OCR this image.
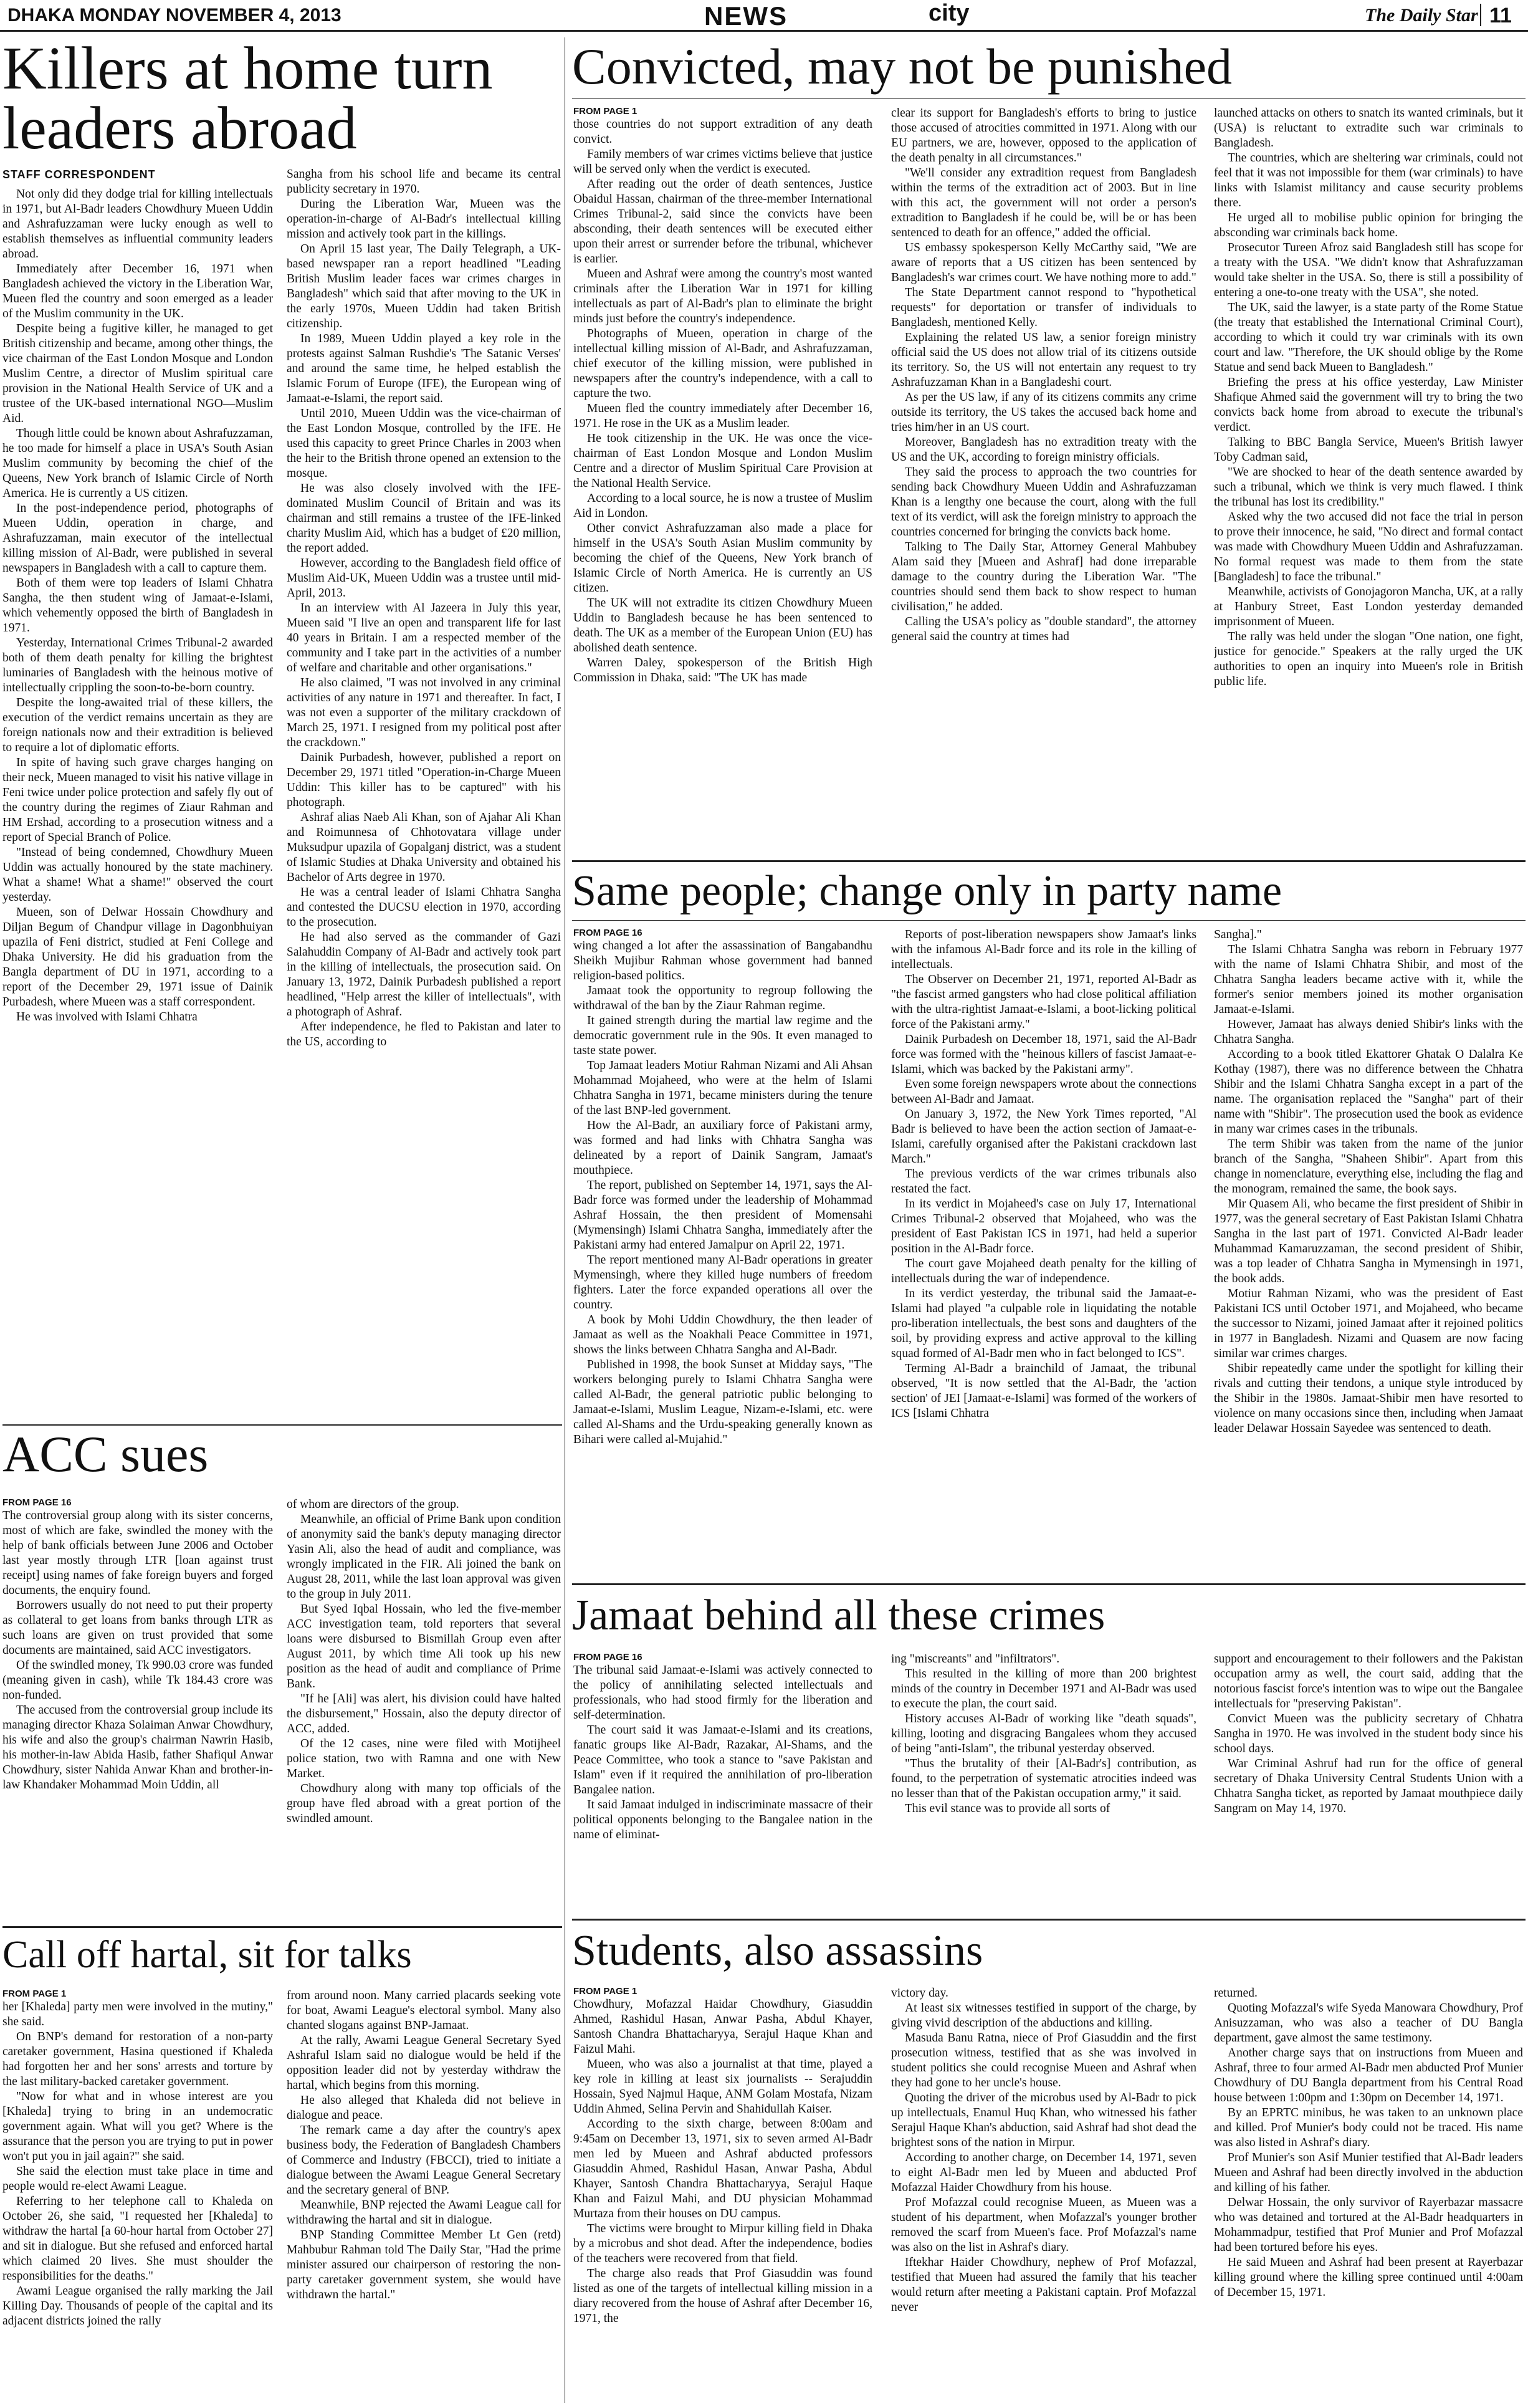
DHAKA MONDAY NOVEMBER 4, 2013	NEWS	city	The Daily Star 11
Killers at home turn leaders abroad
STAFF CORRESPONDENT

Not only did they dodge trial for killing intellectuals in 1971, but Al-Badr leaders Chowdhury Mueen Uddin and Ashrafuzzaman were lucky enough as well to establish themselves as influential community leaders abroad.

Immediately after December 16, 1971 when Bangladesh achieved the victory in the Liberation War, Mueen fled the country and soon emerged as a leader of the Muslim community in the UK.

Despite being a fugitive killer, he managed to get British citizenship and became, among other things, the vice chairman of the East London Mosque and London Muslim Centre, a director of Muslim spiritual care provision in the National Health Service of UK and a trustee of the UK-based international NGO—Muslim Aid.

Though little could be known about Ashrafuzzaman, he too made for himself a place in USA's South Asian Muslim community by becoming the chief of the Queens, New York branch of Islamic Circle of North America. He is currently a US citizen.

In the post-independence period, photographs of Mueen Uddin, operation in charge, and Ashrafuzzaman, main executor of the intellectual killing mission of Al-Badr, were published in several newspapers in Bangladesh with a call to capture them.

Both of them were top leaders of Islami Chhatra Sangha, the then student wing of Jamaat-e-Islami, which vehemently opposed the birth of Bangladesh in 1971.

Yesterday, International Crimes Tribunal-2 awarded both of them death penalty for killing the brightest luminaries of Bangladesh with the heinous motive of intellectually crippling the soon-to-be-born country.

Despite the long-awaited trial of these killers, the execution of the verdict remains uncertain as they are foreign nationals now and their extradition is believed to require a lot of diplomatic efforts.

In spite of having such grave charges hanging on their neck, Mueen managed to visit his native village in Feni twice under police protection and safely fly out of the country during the regimes of Ziaur Rahman and HM Ershad, according to a prosecution witness and a report of Special Branch of Police.

"Instead of being condemned, Chowdhury Mueen Uddin was actually honoured by the state machinery. What a shame! What a shame!" observed the court yesterday.

Mueen, son of Delwar Hossain Chowdhury and Diljan Begum of Chandpur village in Dagonbhuiyan upazila of Feni district, studied at Feni College and Dhaka University. He did his graduation from the Bangla department of DU in 1971, according to a report of the December 29, 1971 issue of Dainik Purbadesh, where Mueen was a staff correspondent.

He was involved with Islami Chhatra

Sangha from his school life and became its central publicity secretary in 1970.

During the Liberation War, Mueen was the operation-in-charge of Al-Badr's intellectual killing mission and actively took part in the killings.

On April 15 last year, The Daily Telegraph, a UK-based newspaper ran a report headlined "Leading British Muslim leader faces war crimes charges in Bangladesh" which said that after moving to the UK in the early 1970s, Mueen Uddin had taken British citizenship.

In 1989, Mueen Uddin played a key role in the protests against Salman Rushdie's 'The Satanic Verses' and around the same time, he helped establish the Islamic Forum of Europe (IFE), the European wing of Jamaat-e-Islami, the report said.

Until 2010, Mueen Uddin was the vice-chairman of the East London Mosque, controlled by the IFE. He used this capacity to greet Prince Charles in 2003 when the heir to the British throne opened an extension to the mosque.

He was also closely involved with the IFE-dominated Muslim Council of Britain and was its chairman and still remains a trustee of the IFE-linked charity Muslim Aid, which has a budget of £20 million, the report added.

However, according to the Bangladesh field office of Muslim Aid-UK, Mueen Uddin was a trustee until mid-April, 2013.

In an interview with Al Jazeera in July this year, Mueen said "I live an open and transparent life for last 40 years in Britain. I am a respected member of the community and I take part in the activities of a number of welfare and charitable and other organisations."

He also claimed, "I was not involved in any criminal activities of any nature in 1971 and thereafter. In fact, I was not even a supporter of the military crackdown of March 25, 1971. I resigned from my political post after the crackdown."

Dainik Purbadesh, however, published a report on December 29, 1971 titled "Operation-in-Charge Mueen Uddin: This killer has to be captured" with his photograph.

Ashraf alias Naeb Ali Khan, son of Ajahar Ali Khan and Roimunnesa of Chhotovatara village under Muksudpur upazila of Gopalganj district, was a student of Islamic Studies at Dhaka University and obtained his Bachelor of Arts degree in 1970.

He was a central leader of Islami Chhatra Sangha and contested the DUCSU election in 1970, according to the prosecution.

He had also served as the commander of Gazi Salahuddin Company of Al-Badr and actively took part in the killing of intellectuals, the prosecution said. On January 13, 1972, Dainik Purbadesh published a report headlined, "Help arrest the killer of intellectuals", with a photograph of Ashraf.

After independence, he fled to Pakistan and later to the US, according to

ACC sues
FROM PAGE 16

The controversial group along with its sister concerns, most of which are fake, swindled the money with the help of bank officials between June 2006 and October last year mostly through LTR [loan against trust receipt] using names of fake foreign buyers and forged documents, the enquiry found.

Borrowers usually do not need to put their property as collateral to get loans from banks through LTR as such loans are given on trust provided that some documents are maintained, said ACC investigators.

Of the swindled money, Tk 990.03 crore was funded (meaning given in cash), while Tk 184.43 crore was non-funded.

The accused from the controversial group include its managing director Khaza Solaiman Anwar Chowdhury, his wife and also the group's chairman Nawrin Hasib, his mother-in-law Abida Hasib, father Shafiqul Anwar Chowdhury, sister Nahida Anwar Khan and brother-in-law Khandaker Mohammad Moin Uddin, all

of whom are directors of the group.

Meanwhile, an official of Prime Bank upon condition of anonymity said the bank's deputy managing director Yasin Ali, also the head of audit and compliance, was wrongly implicated in the FIR. Ali joined the bank on August 28, 2011, while the last loan approval was given to the group in July 2011.

But Syed Iqbal Hossain, who led the five-member ACC investigation team, told reporters that several loans were disbursed to Bismillah Group even after August 2011, by which time Ali took up his new position as the head of audit and compliance of Prime Bank.

"If he [Ali] was alert, his division could have halted the disbursement," Hossain, also the deputy director of ACC, added.

Of the 12 cases, nine were filed with Motijheel police station, two with Ramna and one with New Market.

Chowdhury along with many top officials of the group have fled abroad with a great portion of the swindled amount.

Call off hartal, sit for talks
FROM PAGE 1

her [Khaleda] party men were involved in the mutiny," she said.

On BNP's demand for restoration of a non-party caretaker government, Hasina questioned if Khaleda had forgotten her and her sons' arrests and torture by the last military-backed caretaker government.

"Now for what and in whose interest are you [Khaleda] trying to bring in an undemocratic government again. What will you get? Where is the assurance that the person you are trying to put in power won't put you in jail again?" she said.

She said the election must take place in time and people would re-elect Awami League.

Referring to her telephone call to Khaleda on October 26, she said, "I requested her [Khaleda] to withdraw the hartal [a 60-hour hartal from October 27] and sit in dialogue. But she refused and enforced hartal which claimed 20 lives. She must shoulder the responsibilities for the deaths."

Awami League organised the rally marking the Jail Killing Day. Thousands of people of the capital and its adjacent districts joined the rally

from around noon. Many carried placards seeking vote for boat, Awami League's electoral symbol. Many also chanted slogans against BNP-Jamaat.

At the rally, Awami League General Secretary Syed Ashraful Islam said no dialogue would be held if the opposition leader did not by yesterday withdraw the hartal, which begins from this morning.

He also alleged that Khaleda did not believe in dialogue and peace.

The remark came a day after the country's apex business body, the Federation of Bangladesh Chambers of Commerce and Industry (FBCCI), tried to initiate a dialogue between the Awami League General Secretary and the secretary general of BNP.

Meanwhile, BNP rejected the Awami League call for withdrawing the hartal and sit in dialogue.

BNP Standing Committee Member Lt Gen (retd) Mahbubur Rahman told The Daily Star, "Had the prime minister assured our chairperson of restoring the non-party caretaker government system, she would have withdrawn the hartal."

Convicted, may not be punished
FROM PAGE 1

those countries do not support extradition of any death convict.

Family members of war crimes victims believe that justice will be served only when the verdict is executed.

After reading out the order of death sentences, Justice Obaidul Hassan, chairman of the three-member International Crimes Tribunal-2, said since the convicts have been absconding, their death sentences will be executed either upon their arrest or surrender before the tribunal, whichever is earlier.

Mueen and Ashraf were among the country's most wanted criminals after the Liberation War in 1971 for killing intellectuals as part of Al-Badr's plan to eliminate the bright minds just before the country's independence.

Photographs of Mueen, operation in charge of the intellectual killing mission of Al-Badr, and Ashrafuzzaman, chief executor of the killing mission, were published in newspapers after the country's independence, with a call to capture the two.

Mueen fled the country immediately after December 16, 1971. He rose in the UK as a Muslim leader.

He took citizenship in the UK. He was once the vice-chairman of East London Mosque and London Muslim Centre and a director of Muslim Spiritual Care Provision at the National Health Service.

According to a local source, he is now a trustee of Muslim Aid in London.

Other convict Ashrafuzzaman also made a place for himself in the USA's South Asian Muslim community by becoming the chief of the Queens, New York branch of Islamic Circle of North America. He is currently an US citizen.

The UK will not extradite its citizen Chowdhury Mueen Uddin to Bangladesh because he has been sentenced to death. The UK as a member of the European Union (EU) has abolished death sentence.

Warren Daley, spokesperson of the British High Commission in Dhaka, said: "The UK has made

clear its support for Bangladesh's efforts to bring to justice those accused of atrocities committed in 1971. Along with our EU partners, we are, however, opposed to the application of the death penalty in all circumstances."

"We'll consider any extradition request from Bangladesh within the terms of the extradition act of 2003. But in line with this act, the government will not order a person's extradition to Bangladesh if he could be, will be or has been sentenced to death for an offence," added the official.

US embassy spokesperson Kelly McCarthy said, "We are aware of reports that a US citizen has been sentenced by Bangladesh's war crimes court. We have nothing more to add."

The State Department cannot respond to "hypothetical requests" for deportation or transfer of individuals to Bangladesh, mentioned Kelly.

Explaining the related US law, a senior foreign ministry official said the US does not allow trial of its citizens outside its territory. So, the US will not entertain any request to try Ashrafuzzaman Khan in a Bangladeshi court.

As per the US law, if any of its citizens commits any crime outside its territory, the US takes the accused back home and tries him/her in an US court.

Moreover, Bangladesh has no extradition treaty with the US and the UK, according to foreign ministry officials.

They said the process to approach the two countries for sending back Chowdhury Mueen Uddin and Ashrafuzzaman Khan is a lengthy one because the court, along with the full text of its verdict, will ask the foreign ministry to approach the countries concerned for bringing the convicts back home.

Talking to The Daily Star, Attorney General Mahbubey Alam said they [Mueen and Ashraf] had done irreparable damage to the country during the Liberation War. "The countries should send them back to show respect to human civilisation," he added.

Calling the USA's policy as "double standard", the attorney general said the country at times had

launched attacks on others to snatch its wanted criminals, but it (USA) is reluctant to extradite such war criminals to Bangladesh.

The countries, which are sheltering war criminals, could not feel that it was not impossible for them (war criminals) to have links with Islamist militancy and cause security problems there.

He urged all to mobilise public opinion for bringing the absconding war criminals back home.

Prosecutor Tureen Afroz said Bangladesh still has scope for a treaty with the USA. "We didn't know that Ashrafuzzaman would take shelter in the USA. So, there is still a possibility of entering a one-to-one treaty with the USA", she noted.

The UK, said the lawyer, is a state party of the Rome Statue (the treaty that established the International Criminal Court), according to which it could try war criminals with its own court and law. "Therefore, the UK should oblige by the Rome Statue and send back Mueen to Bangladesh."

Briefing the press at his office yesterday, Law Minister Shafique Ahmed said the government will try to bring the two convicts back home from abroad to execute the tribunal's verdict.

Talking to BBC Bangla Service, Mueen's British lawyer Toby Cadman said,

"We are shocked to hear of the death sentence awarded by such a tribunal, which we think is very much flawed. I think the tribunal has lost its credibility."

Asked why the two accused did not face the trial in person to prove their innocence, he said, "No direct and formal contact was made with Chowdhury Mueen Uddin and Ashrafuzzaman. No formal request was made to them from the state [Bangladesh] to face the tribunal."

Meanwhile, activists of Gonojagoron Mancha, UK, at a rally at Hanbury Street, East London yesterday demanded imprisonment of Mueen.

The rally was held under the slogan "One nation, one fight, justice for genocide." Speakers at the rally urged the UK authorities to open an inquiry into Mueen's role in British public life.

Same people; change only in party name
FROM PAGE 16

wing changed a lot after the assassination of Bangabandhu Sheikh Mujibur Rahman whose government had banned religion-based politics.

Jamaat took the opportunity to regroup following the withdrawal of the ban by the Ziaur Rahman regime.

It gained strength during the martial law regime and the democratic government rule in the 90s. It even managed to taste state power.

Top Jamaat leaders Motiur Rahman Nizami and Ali Ahsan Mohammad Mojaheed, who were at the helm of Islami Chhatra Sangha in 1971, became ministers during the tenure of the last BNP-led government.

How the Al-Badr, an auxiliary force of Pakistani army, was formed and had links with Chhatra Sangha was delineated by a report of Dainik Sangram, Jamaat's mouthpiece.

The report, published on September 14, 1971, says the Al-Badr force was formed under the leadership of Mohammad Ashraf Hossain, the then president of Momensahi (Mymensingh) Islami Chhatra Sangha, immediately after the Pakistani army had entered Jamalpur on April 22, 1971.

The report mentioned many Al-Badr operations in greater Mymensingh, where they killed huge numbers of freedom fighters. Later the force expanded operations all over the country.

A book by Mohi Uddin Chowdhury, the then leader of Jamaat as well as the Noakhali Peace Committee in 1971, shows the links between Chhatra Sangha and Al-Badr.

Published in 1998, the book Sunset at Midday says, "The workers belonging purely to Islami Chhatra Sangha were called Al-Badr, the general patriotic public belonging to Jamaat-e-Islami, Muslim League, Nizam-e-Islami, etc. were called Al-Shams and the Urdu-speaking generally known as Bihari were called al-Mujahid."

Reports of post-liberation newspapers show Jamaat's links with the infamous Al-Badr force and its role in the killing of intellectuals.

The Observer on December 21, 1971, reported Al-Badr as "the fascist armed gangsters who had close political affiliation with the ultra-rightist Jamaat-e-Islami, a boot-licking political force of the Pakistani army."

Dainik Purbadesh on December 18, 1971, said the Al-Badr force was formed with the "heinous killers of fascist Jamaat-e-Islami, which was backed by the Pakistani army".

Even some foreign newspapers wrote about the connections between Al-Badr and Jamaat.

On January 3, 1972, the New York Times reported, "Al Badr is believed to have been the action section of Jamaat-e-Islami, carefully organised after the Pakistani crackdown last March."

The previous verdicts of the war crimes tribunals also restated the fact.

In its verdict in Mojaheed's case on July 17, International Crimes Tribunal-2 observed that Mojaheed, who was the president of East Pakistan ICS in 1971, had held a superior position in the Al-Badr force.

The court gave Mojaheed death penalty for the killing of intellectuals during the war of independence.

In its verdict yesterday, the tribunal said the Jamaat-e-Islami had played "a culpable role in liquidating the notable pro-liberation intellectuals, the best sons and daughters of the soil, by providing express and active approval to the killing squad formed of Al-Badr men who in fact belonged to ICS".

Terming Al-Badr a brainchild of Jamaat, the tribunal observed, "It is now settled that the Al-Badr, the 'action section' of JEI [Jamaat-e-Islami] was formed of the workers of ICS [Islami Chhatra

Sangha]."

The Islami Chhatra Sangha was reborn in February 1977 with the name of Islami Chhatra Shibir, and most of the Chhatra Sangha leaders became active with it, while the former's senior members joined its mother organisation Jamaat-e-Islami.

However, Jamaat has always denied Shibir's links with the Chhatra Sangha.

According to a book titled Ekattorer Ghatak O Dalalra Ke Kothay (1987), there was no difference between the Chhatra Shibir and the Islami Chhatra Sangha except in a part of the name. The organisation replaced the "Sangha" part of their name with "Shibir". The prosecution used the book as evidence in many war crimes cases in the tribunals.

The term Shibir was taken from the name of the junior branch of the Sangha, "Shaheen Shibir". Apart from this change in nomenclature, everything else, including the flag and the monogram, remained the same, the book says.

Mir Quasem Ali, who became the first president of Shibir in 1977, was the general secretary of East Pakistan Islami Chhatra Sangha in the last part of 1971. Convicted Al-Badr leader Muhammad Kamaruzzaman, the second president of Shibir, was a top leader of Chhatra Sangha in Mymensingh in 1971, the book adds.

Motiur Rahman Nizami, who was the president of East Pakistani ICS until October 1971, and Mojaheed, who became the successor to Nizami, joined Jamaat after it rejoined politics in 1977 in Bangladesh. Nizami and Quasem are now facing similar war crimes charges.

Shibir repeatedly came under the spotlight for killing their rivals and cutting their tendons, a unique style introduced by the Shibir in the 1980s. Jamaat-Shibir men have resorted to violence on many occasions since then, including when Jamaat leader Delawar Hossain Sayedee was sentenced to death.

Jamaat behind all these crimes
FROM PAGE 16

The tribunal said Jamaat-e-Islami was actively connected to the policy of annihilating selected intellectuals and professionals, who had stood firmly for the liberation and self-determination.

The court said it was Jamaat-e-Islami and its creations, fanatic groups like Al-Badr, Razakar, Al-Shams, and the Peace Committee, who took a stance to "save Pakistan and Islam" even if it required the annihilation of pro-liberation Bangalee nation.

It said Jamaat indulged in indiscriminate massacre of their political opponents belonging to the Bangalee nation in the name of eliminat-

ing "miscreants" and "infiltrators".

This resulted in the killing of more than 200 brightest minds of the country in December 1971 and Al-Badr was used to execute the plan, the court said.

History accuses Al-Badr of working like "death squads", killing, looting and disgracing Bangalees whom they accused of being "anti-Islam", the tribunal yesterday observed.

"Thus the brutality of their [Al-Badr's] contribution, as found, to the perpetration of systematic atrocities indeed was no lesser than that of the Pakistan occupation army," it said.

This evil stance was to provide all sorts of

support and encouragement to their followers and the Pakistan occupation army as well, the court said, adding that the notorious fascist force's intention was to wipe out the Bangalee intellectuals for "preserving Pakistan".

Convict Mueen was the publicity secretary of Chhatra Sangha in 1970. He was involved in the student body since his school days.

War Criminal Ashruf had run for the office of general secretary of Dhaka University Central Students Union with a Chhatra Sangha ticket, as reported by Jamaat mouthpiece daily Sangram on May 14, 1970.

Students, also assassins
FROM PAGE 1

Chowdhury, Mofazzal Haidar Chowdhury, Giasuddin Ahmed, Rashidul Hasan, Anwar Pasha, Abdul Khayer, Santosh Chandra Bhattacharyya, Serajul Haque Khan and Faizul Mahi.

Mueen, who was also a journalist at that time, played a key role in killing at least six journalists -- Serajuddin Hossain, Syed Najmul Haque, ANM Golam Mostafa, Nizam Uddin Ahmed, Selina Pervin and Shahidullah Kaiser.

According to the sixth charge, between 8:00am and 9:45am on December 13, 1971, six to seven armed Al-Badr men led by Mueen and Ashraf abducted professors Giasuddin Ahmed, Rashidul Hasan, Anwar Pasha, Abdul Khayer, Santosh Chandra Bhattacharyya, Serajul Haque Khan and Faizul Mahi, and DU physician Mohammad Murtaza from their houses on DU campus.

The victims were brought to Mirpur killing field in Dhaka by a microbus and shot dead. After the independence, bodies of the teachers were recovered from that field.

The charge also reads that Prof Giasuddin was found listed as one of the targets of intellectual killing mission in a diary recovered from the house of Ashraf after December 16, 1971, the

victory day.

At least six witnesses testified in support of the charge, by giving vivid description of the abductions and killing.

Masuda Banu Ratna, niece of Prof Giasuddin and the first prosecution witness, testified that as she was involved in student politics she could recognise Mueen and Ashraf when they had gone to her uncle's house.

Quoting the driver of the microbus used by Al-Badr to pick up intellectuals, Enamul Huq Khan, who witnessed his father Serajul Haque Khan's abduction, said Ashraf had shot dead the brightest sons of the nation in Mirpur.

According to another charge, on December 14, 1971, seven to eight Al-Badr men led by Mueen and abducted Prof Mofazzal Haider Chowdhury from his house.

Prof Mofazzal could recognise Mueen, as Mueen was a student of his department, when Mofazzal's younger brother removed the scarf from Mueen's face. Prof Mofazzal's name was also on the list in Ashraf's diary.

Iftekhar Haider Chowdhury, nephew of Prof Mofazzal, testified that Mueen had assured the family that his teacher would return after meeting a Pakistani captain. Prof Mofazzal never

returned.

Quoting Mofazzal's wife Syeda Manowara Chowdhury, Prof Anisuzzaman, who was also a teacher of DU Bangla department, gave almost the same testimony.

Another charge says that on instructions from Mueen and Ashraf, three to four armed Al-Badr men abducted Prof Munier Chowdhury of DU Bangla department from his Central Road house between 1:00pm and 1:30pm on December 14, 1971.

By an EPRTC minibus, he was taken to an unknown place and killed. Prof Munier's body could not be traced. His name was also listed in Ashraf's diary.

Prof Munier's son Asif Munier testified that Al-Badr leaders Mueen and Ashraf had been directly involved in the abduction and killing of his father.

Delwar Hossain, the only survivor of Rayerbazar massacre who was detained and tortured at the Al-Badr headquarters in Mohammadpur, testified that Prof Munier and Prof Mofazzal had been tortured before his eyes.

He said Mueen and Ashraf had been present at Rayerbazar killing ground where the killing spree continued until 4:00am of December 15, 1971.
